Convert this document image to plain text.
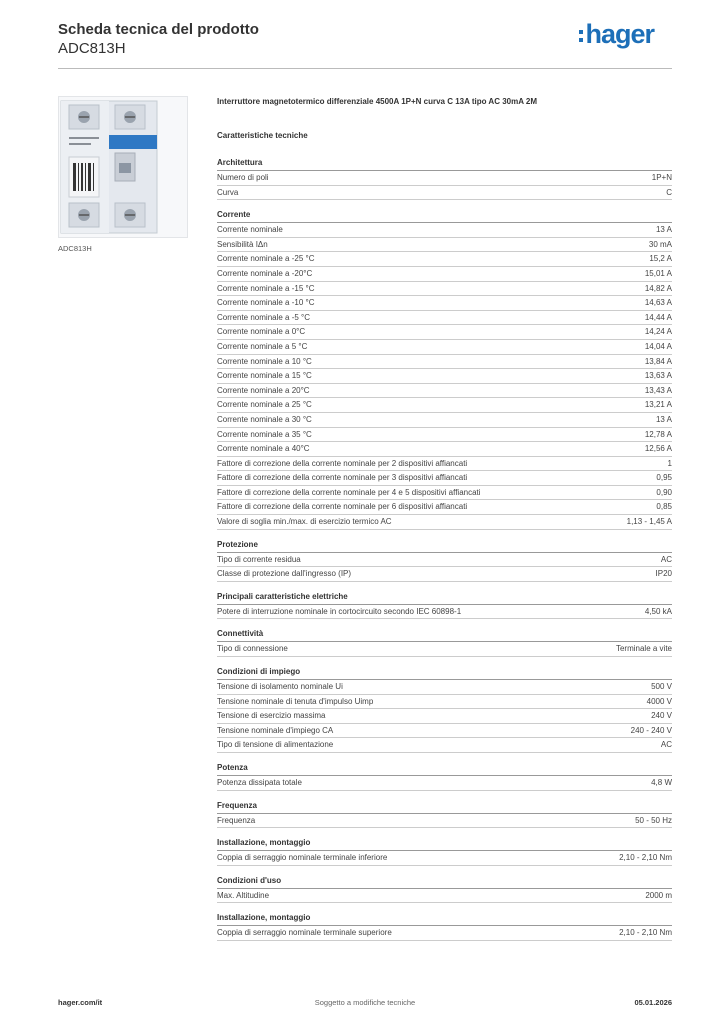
Scheda tecnica del prodotto
ADC813H	hager
ADC813H
Interruttore magnetotermico differenziale 4500A 1P+N curva C 13A tipo AC 30mA 2M
Caratteristiche tecniche
Architettura
Numero di poli	1P+N
Curva	C
Corrente
Corrente nominale	13 A
Sensibilità IΔn	30 mA
Corrente nominale a -25 °C	15,2 A
Corrente nominale a -20°C	15,01 A
Corrente nominale a -15 °C	14,82 A
Corrente nominale a -10 °C	14,63 A
Corrente nominale a -5 °C	14,44 A
Corrente nominale a 0°C	14,24 A
Corrente nominale a 5 °C	14,04 A
Corrente nominale a 10 °C	13,84 A
Corrente nominale a 15 °C	13,63 A
Corrente nominale a 20°C	13,43 A
Corrente nominale a 25 °C	13,21 A
Corrente nominale a 30 °C	13 A
Corrente nominale a 35 °C	12,78 A
Corrente nominale a 40°C	12,56 A
Fattore di correzione della corrente nominale per 2 dispositivi affiancati	1
Fattore di correzione della corrente nominale per 3 dispositivi affiancati	0,95
Fattore di correzione della corrente nominale per 4 e 5 dispositivi affiancati	0,90
Fattore di correzione della corrente nominale per 6 dispositivi affiancati	0,85
Valore di soglia min./max. di esercizio termico AC	1,13 - 1,45 A
Protezione
Tipo di corrente residua	AC
Classe di protezione dall'ingresso (IP)	IP20
Principali caratteristiche elettriche
Potere di interruzione nominale in cortocircuito secondo IEC 60898-1	4,50 kA
Connettività
Tipo di connessione	Terminale a vite
Condizioni di impiego
Tensione di isolamento nominale Ui	500 V
Tensione nominale di tenuta d'impulso Uimp	4000 V
Tensione di esercizio massima	240 V
Tensione nominale d'impiego CA	240 - 240 V
Tipo di tensione di alimentazione	AC
Potenza
Potenza dissipata totale	4,8 W
Frequenza
Frequenza	50 - 50 Hz
Installazione, montaggio
Coppia di serraggio nominale terminale inferiore	2,10 - 2,10 Nm
Condizioni d'uso
Max. Altitudine	2000 m
Installazione, montaggio
Coppia di serraggio nominale terminale superiore	2,10 - 2,10 Nm
hager.com/it	Soggetto a modifiche tecniche	05.01.2026
